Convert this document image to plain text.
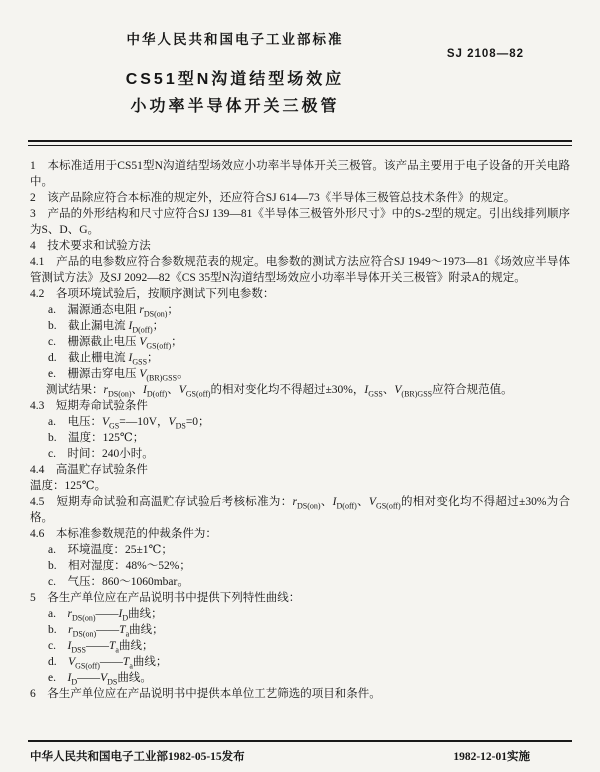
中华人民共和国电子工业部标准
CS51型N沟道结型场效应
小功率半导体开关三极管
SJ 2108—82

1　本标准适用于CS51型N沟道结型场效应小功率半导体开关三极管。该产品主要用于电子设备的开关电路中。

2　该产品除应符合本标准的规定外，还应符合SJ 614—73《半导体三极管总技术条件》的规定。

3　产品的外形结构和尺寸应符合SJ 139—81《半导体三极管外形尺寸》中的S-2型的规定。引出线排列顺序为S、D、G。

4　技术要求和试验方法

4.1　产品的电参数应符合参数规范表的规定。电参数的测试方法应符合SJ 1949～1973—81《场效应半导体管测试方法》及SJ 2092—82《CS 35型N沟道结型场效应小功率半导体开关三极管》附录A的规定。

4.2　各项环境试验后，按顺序测试下列电参数：

a.　漏源通态电阻 $r_{DS(on)}$；

b.　截止漏电流 $I_{D(off)}$；

c.　栅源截止电压 $V_{GS(off)}$；

d.　截止栅电流 $I_{GSS}$；

e.　栅源击穿电压 $V_{(BR)GSS}$。

测试结果：$r_{DS(on)}$、$I_{D(off)}$、$V_{GS(off)}$的相对变化均不得超过±30%，$I_{GSS}$、$V_{(BR)GSS}$应符合规范值。

4.3　短期寿命试验条件

a.　电压：$V_{GS}=—10V$，$V_{DS}=0$；

b.　温度：125℃；

c.　时间：240小时。

4.4　高温贮存试验条件

温度：125℃。

4.5　短期寿命试验和高温贮存试验后考核标准为：$r_{DS(on)}$、$I_{D(off)}$、$V_{GS(off)}$的相对变化均不得超过±30%为合格。

4.6　本标准参数规范的仲裁条件为：

a.　环境温度：25±1℃；

b.　相对湿度：48%～52%；

c.　气压：860～1060mbar。

5　各生产单位应在产品说明书中提供下列特性曲线：

a.　$r_{DS(on)}——I_D$曲线；

b.　$r_{DS(on)}——T_a$曲线；

c.　$I_{DSS}——T_a$曲线；

d.　$V_{GS(off)}——T_a$曲线；

e.　$I_D——V_{DS}$曲线。

6　各生产单位应在产品说明书中提供本单位工艺筛选的项目和条件。

中华人民共和国电子工业部1982-05-15发布	1982-12-01实施
